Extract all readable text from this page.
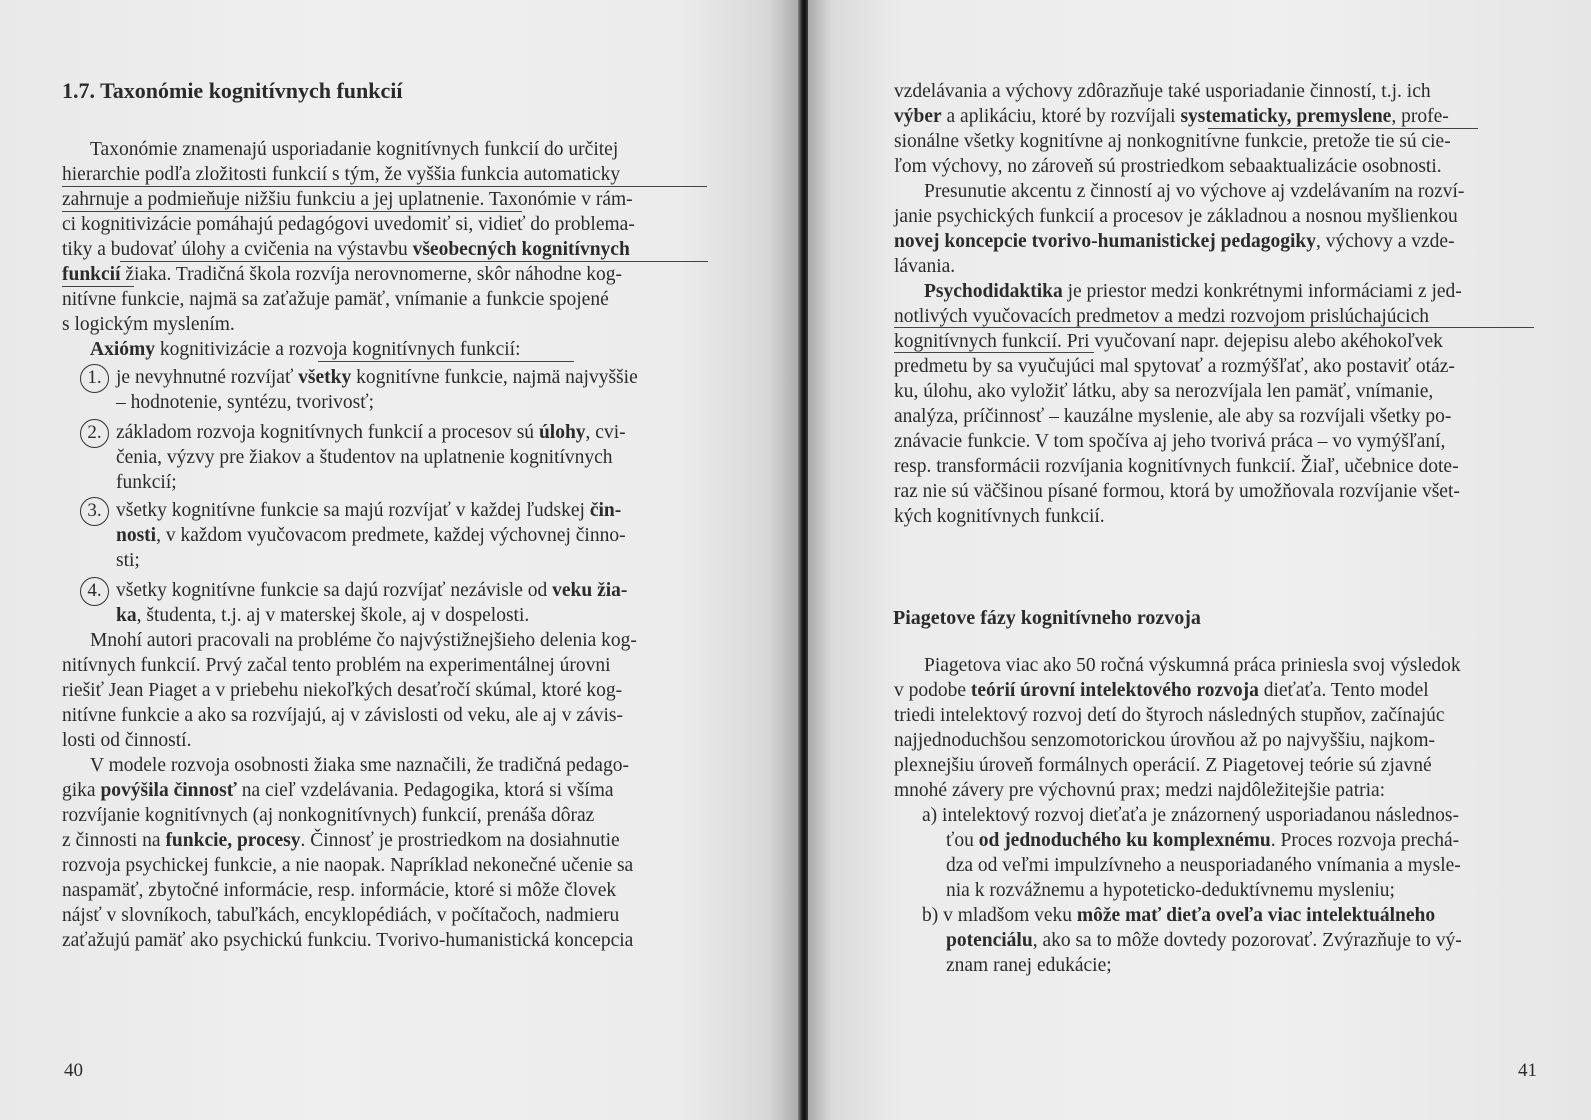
1.7. Taxonómie kognitívnych funkcií
Taxonómie znamenajú usporiadanie kognitívnych funkcií do určitej
hierarchie podľa zložitosti funkcií s tým, že vyššia funkcia automaticky
zahrnuje a podmieňuje nižšiu funkciu a jej uplatnenie. Taxonómie v rám-
ci kognitivizácie pomáhajú pedagógovi uvedomiť si, vidieť do problema-
tiky a budovať úlohy a cvičenia na výstavbu všeobecných kognitívnych
funkcií žiaka. Tradičná škola rozvíja nerovnomerne, skôr náhodne kog-
nitívne funkcie, najmä sa zaťažuje pamäť, vnímanie a funkcie spojené
s logickým myslením.
Axiómy kognitivizácie a rozvoja kognitívnych funkcií:
1. je nevyhnutné rozvíjať všetky kognitívne funkcie, najmä najvyššie
– hodnotenie, syntézu, tvorivosť;
2. základom rozvoja kognitívnych funkcií a procesov sú úlohy, cvi-
čenia, výzvy pre žiakov a študentov na uplatnenie kognitívnych
funkcií;
3. všetky kognitívne funkcie sa majú rozvíjať v každej ľudskej čin-
nosti, v každom vyučovacom predmete, každej výchovnej činno-
sti;
4. všetky kognitívne funkcie sa dajú rozvíjať nezávisle od veku žia-
ka, študenta, t.j. aj v materskej škole, aj v dospelosti.
Mnohí autori pracovali na probléme čo najvýstižnejšieho delenia kog-
nitívnych funkcií. Prvý začal tento problém na experimentálnej úrovni
riešiť Jean Piaget a v priebehu niekoľkých desaťročí skúmal, ktoré kog-
nitívne funkcie a ako sa rozvíjajú, aj v závislosti od veku, ale aj v závis-
losti od činností.
V modele rozvoja osobnosti žiaka sme naznačili, že tradičná pedago-
gika povýšila činnosť na cieľ vzdelávania. Pedagogika, ktorá si všíma
rozvíjanie kognitívnych (aj nonkognitívnych) funkcií, prenáša dôraz
z činnosti na funkcie, procesy. Činnosť je prostriedkom na dosiahnutie
rozvoja psychickej funkcie, a nie naopak. Napríklad nekonečné učenie sa
naspamäť, zbytočné informácie, resp. informácie, ktoré si môže človek
nájsť v slovníkoch, tabuľkách, encyklopédiách, v počítačoch, nadmieru
zaťažujú pamäť ako psychickú funkciu. Tvorivo-humanistická koncepcia
40
vzdelávania a výchovy zdôrazňuje také usporiadanie činností, t.j. ich
výber a aplikáciu, ktoré by rozvíjali systematicky, premyslene, profe-
sionálne všetky kognitívne aj nonkognitívne funkcie, pretože tie sú cie-
ľom výchovy, no zároveň sú prostriedkom sebaaktualizácie osobnosti.
Presunutie akcentu z činností aj vo výchove aj vzdelávaním na rozví-
janie psychických funkcií a procesov je základnou a nosnou myšlienkou
novej koncepcie tvorivo-humanistickej pedagogiky, výchovy a vzde-
lávania.
Psychodidaktika je priestor medzi konkrétnymi informáciami z jed-
notlivých vyučovacích predmetov a medzi rozvojom prislúchajúcich
kognitívnych funkcií. Pri vyučovaní napr. dejepisu alebo akéhokoľvek
predmetu by sa vyučujúci mal spytovať a rozmýšľať, ako postaviť otáz-
ku, úlohu, ako vyložiť látku, aby sa nerozvíjala len pamäť, vnímanie,
analýza, príčinnosť – kauzálne myslenie, ale aby sa rozvíjali všetky po-
znávacie funkcie. V tom spočíva aj jeho tvorivá práca – vo vymýšľaní,
resp. transformácii rozvíjania kognitívnych funkcií. Žiaľ, učebnice dote-
raz nie sú väčšinou písané formou, ktorá by umožňovala rozvíjanie všet-
kých kognitívnych funkcií.
Piagetova viac ako 50 ročná výskumná práca priniesla svoj výsledok
v podobe teórií úrovní intelektového rozvoja dieťaťa. Tento model
triedi intelektový rozvoj detí do štyroch následných stupňov, začínajúc
najjednoduchšou senzomotorickou úrovňou až po najvyššiu, najkom-
plexnejšiu úroveň formálnych operácií. Z Piagetovej teórie sú zjavné
mnohé závery pre výchovnú prax; medzi najdôležitejšie patria:
a) intelektový rozvoj dieťaťa je znázornený usporiadanou následnos-
ťou od jednoduchého ku komplexnému. Proces rozvoja prechá-
dza od veľmi impulzívneho a neusporiadaného vnímania a mysle-
nia k rozvážnemu a hypoteticko-deduktívnemu mysleniu;
b) v mladšom veku môže mať dieťa oveľa viac intelektuálneho
potenciálu, ako sa to môže dovtedy pozorovať. Zvýrazňuje to vý-
znam ranej edukácie;
41
Piagetove fázy kognitívneho rozvoja
